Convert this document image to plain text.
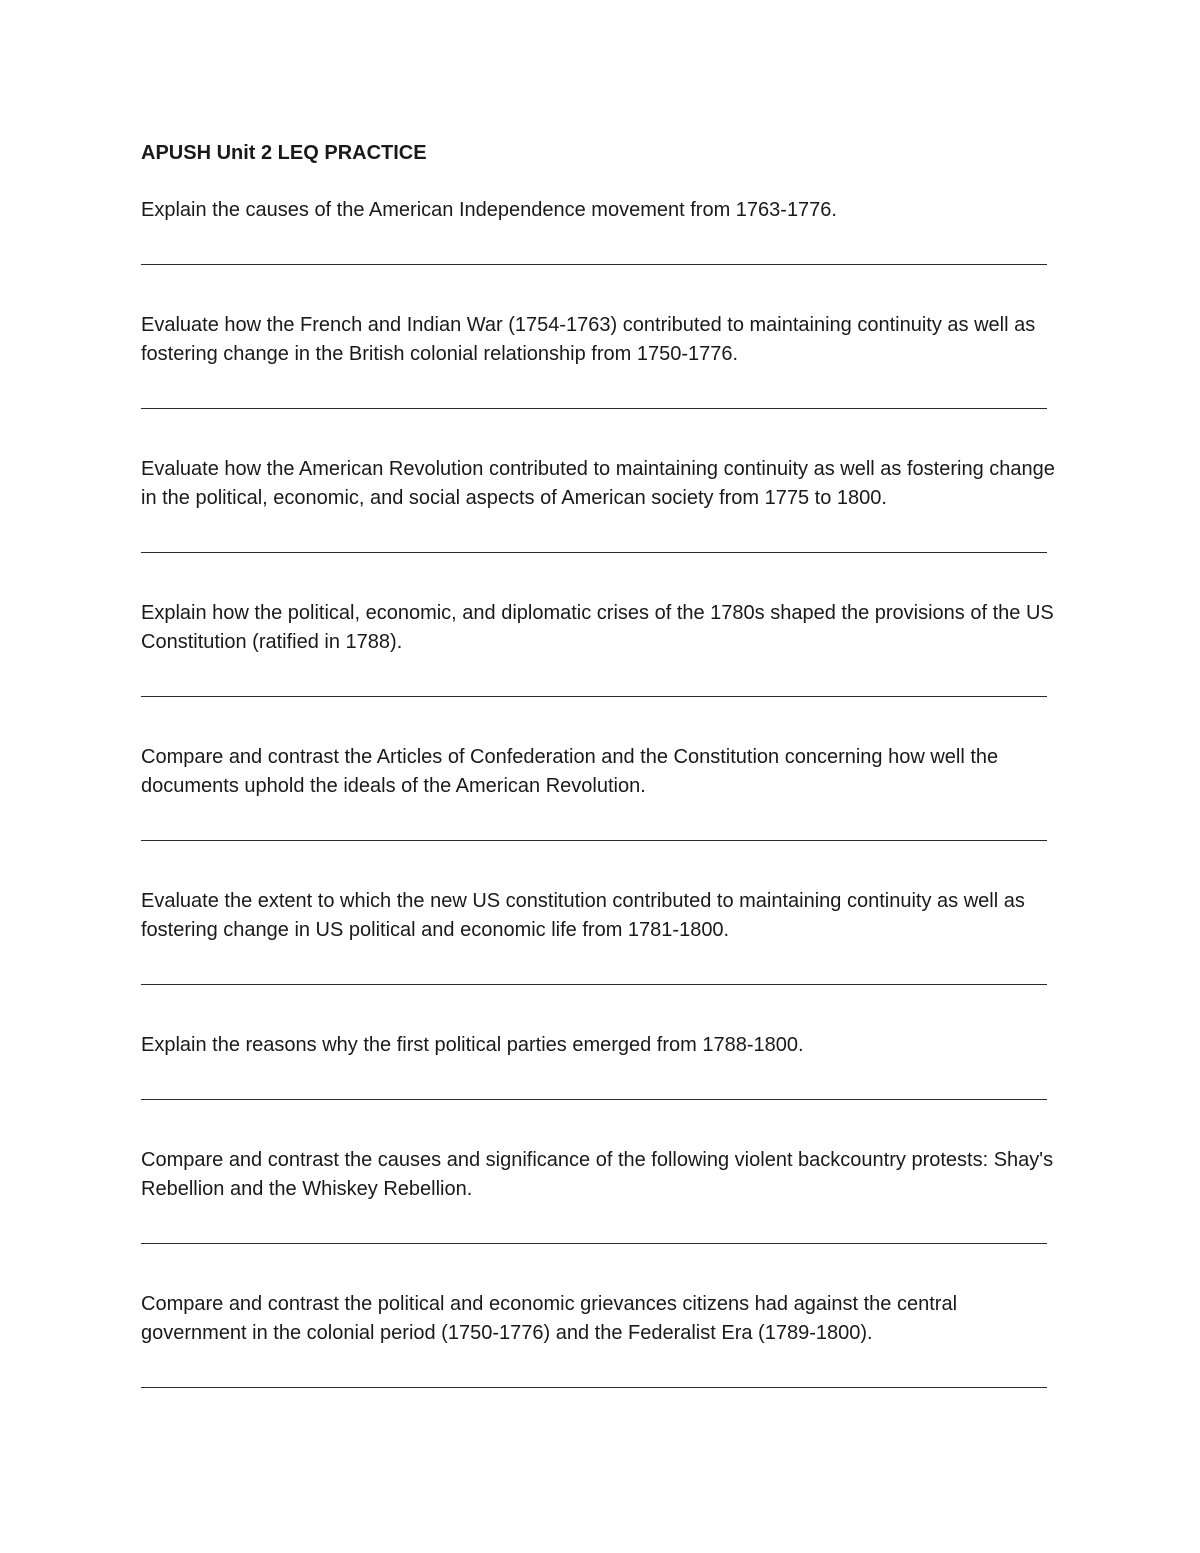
APUSH Unit 2 LEQ PRACTICE

Explain the causes of the American Independence movement from 1763-1776.

Evaluate how the French and Indian War (1754-1763) contributed to maintaining continuity as well as fostering change in the British colonial relationship from 1750-1776.

Evaluate how the American Revolution contributed to maintaining continuity as well as fostering change in the political, economic, and social aspects of American society from 1775 to 1800.

Explain how the political, economic, and diplomatic crises of the 1780s shaped the provisions of the US Constitution (ratified in 1788).

Compare and contrast the Articles of Confederation and the Constitution concerning how well the documents uphold the ideals of the American Revolution.

Evaluate the extent to which the new US constitution contributed to maintaining continuity as well as fostering change in US political and economic life from 1781-1800.

Explain the reasons why the first political parties emerged from 1788-1800.

Compare and contrast the causes and significance of the following violent backcountry protests: Shay's Rebellion and the Whiskey Rebellion.

Compare and contrast the political and economic grievances citizens had against the central government in the colonial period (1750-1776) and the Federalist Era (1789-1800).
